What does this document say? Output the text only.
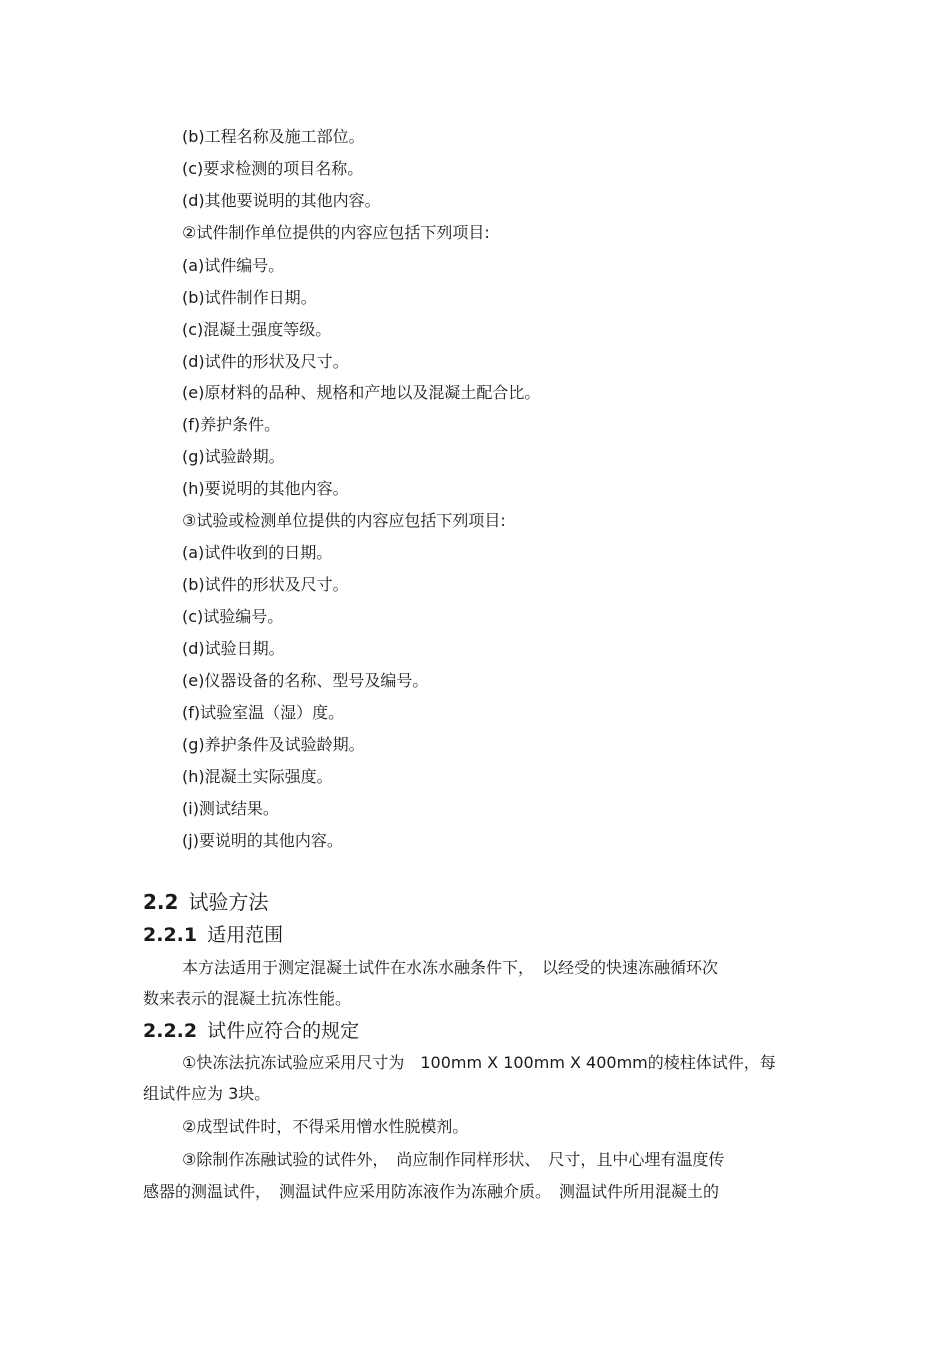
(b)工程名称及施工部位。
(c)要求检测的项目名称。
(d)其他要说明的其他内容。
②试件制作单位提供的内容应包括下列项目:
(a)试件编号。
(b)试件制作日期。
(c)混凝土强度等级。
(d)试件的形状及尺寸。
(e)原材料的品种、规格和产地以及混凝土配合比。
(f)养护条件。
(g)试验龄期。
(h)要说明的其他内容。
③试验或检测单位提供的内容应包括下列项目:
(a)试件收到的日期。
(b)试件的形状及尺寸。
(c)试验编号。
(d)试验日期。
(e)仪器设备的名称、型号及编号。
(f)试验室温（湿）度。
(g)养护条件及试验龄期。
(h)混凝土实际强度。
(i)测试结果。
(j)要说明的其他内容。
2.2 试验方法
2.2.1 适用范围
本方法适用于测定混凝土试件在水冻水融条件下，　以经受的快速冻融循环次
数来表示的混凝土抗冻性能。
2.2.2 试件应符合的规定
①快冻法抗冻试验应采用尺寸为　100mm X 100mm X 400mm的棱柱体试件，每
组试件应为 3块。
②成型试件时，不得采用憎水性脱模剂。
③除制作冻融试验的试件外，　尚应制作同样形状、　尺寸，且中心埋有温度传
感器的测温试件，　测温试件应采用防冻液作为冻融介质。　测温试件所用混凝土的
